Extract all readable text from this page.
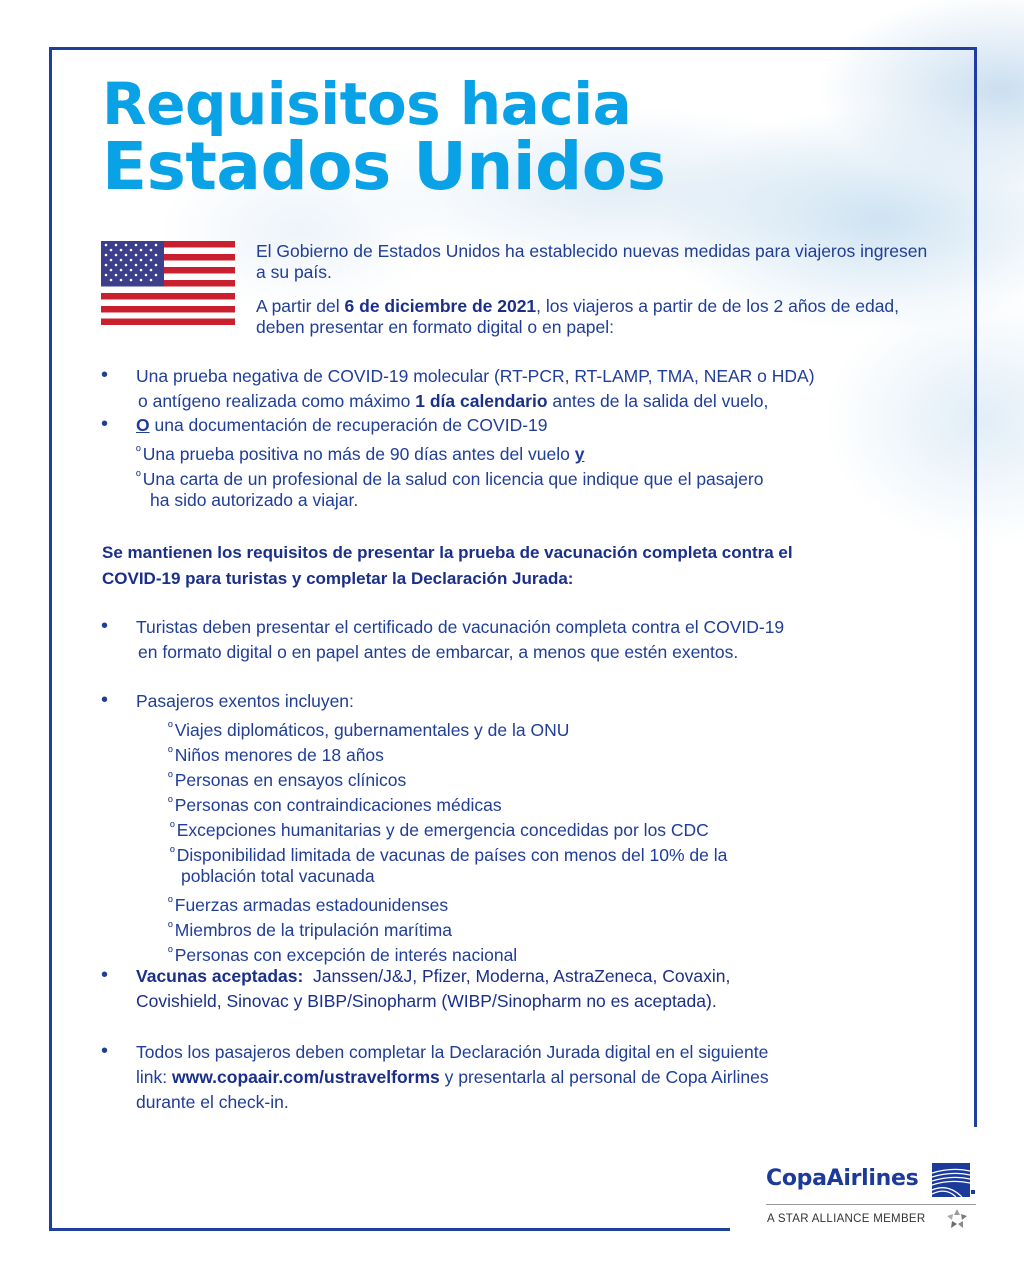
Requisitos hacia
Estados Unidos

El Gobierno de Estados Unidos ha establecido nuevas medidas para viajeros ingresen a su país.

A partir del 6 de diciembre de 2021, los viajeros a partir de de los 2 años de edad, deben presentar en formato digital o en papel:

• Una prueba negativa de COVID-19 molecular (RT-PCR, RT-LAMP, TMA, NEAR o HDA)
o antígeno realizada como máximo 1 día calendario antes de la salida del vuelo,
• O una documentación de recuperación de COVID-19
$^º$ Una prueba positiva no más de 90 días antes del vuelo y
$^º$ Una carta de un profesional de la salud con licencia que indique que el pasajero
ha sido autorizado a viajar.
Se mantienen los requisitos de presentar la prueba de vacunación completa contra el
COVID-19 para turistas y completar la Declaración Jurada:
• Turistas deben presentar el certificado de vacunación completa contra el COVID-19
en formato digital o en papel antes de embarcar, a menos que estén exentos.
• Pasajeros exentos incluyen:
$^º$ Viajes diplomáticos, gubernamentales y de la ONU
$^º$ Niños menores de 18 años
$^º$ Personas en ensayos clínicos
$^º$ Personas con contraindicaciones médicas
$^º$ Excepciones humanitarias y de emergencia concedidas por los CDC
$^º$ Disponibilidad limitada de vacunas de países con menos del 10% de la
población total vacunada
$^º$ Fuerzas armadas estadounidenses
$^º$ Miembros de la tripulación marítima
$^º$ Personas con excepción de interés nacional
• Vacunas aceptadas:  Janssen/J&J, Pfizer, Moderna, AstraZeneca, Covaxin,
Covishield, Sinovac y BIBP/Sinopharm (WIBP/Sinopharm no es aceptada).
• Todos los pasajeros deben completar la Declaración Jurada digital en el siguiente
link: www.copaair.com/ustravelforms y presentarla al personal de Copa Airlines
durante el check-in.
CopaAirlines
A STAR ALLIANCE MEMBER
